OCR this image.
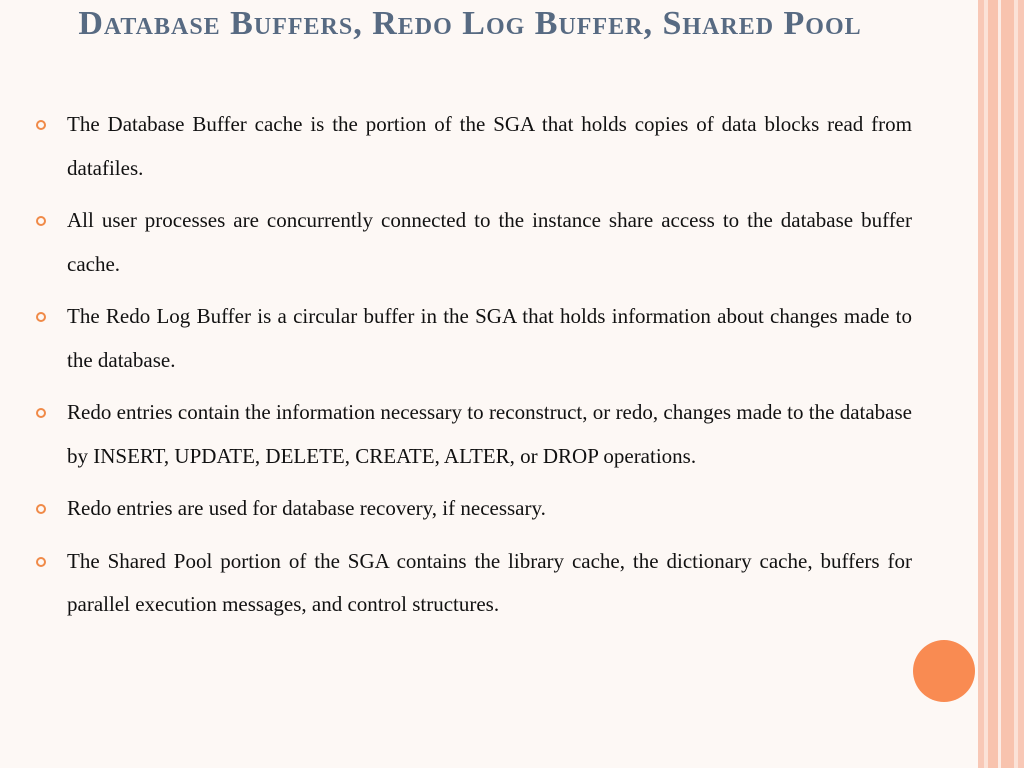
Database Buffers, Redo Log Buffer, Shared Pool
The Database Buffer cache is the portion of the SGA that holds copies of data blocks read from datafiles.
All user processes are concurrently connected to the instance share access to the database buffer cache.
The Redo Log Buffer is a circular buffer in the SGA that holds information about changes made to the database.
Redo entries contain the information necessary to reconstruct, or redo, changes made to the database by INSERT, UPDATE, DELETE, CREATE, ALTER, or DROP operations.
Redo entries are used for database recovery, if necessary.
The Shared Pool portion of the SGA contains the library cache, the dictionary cache, buffers for parallel execution messages, and control structures.
